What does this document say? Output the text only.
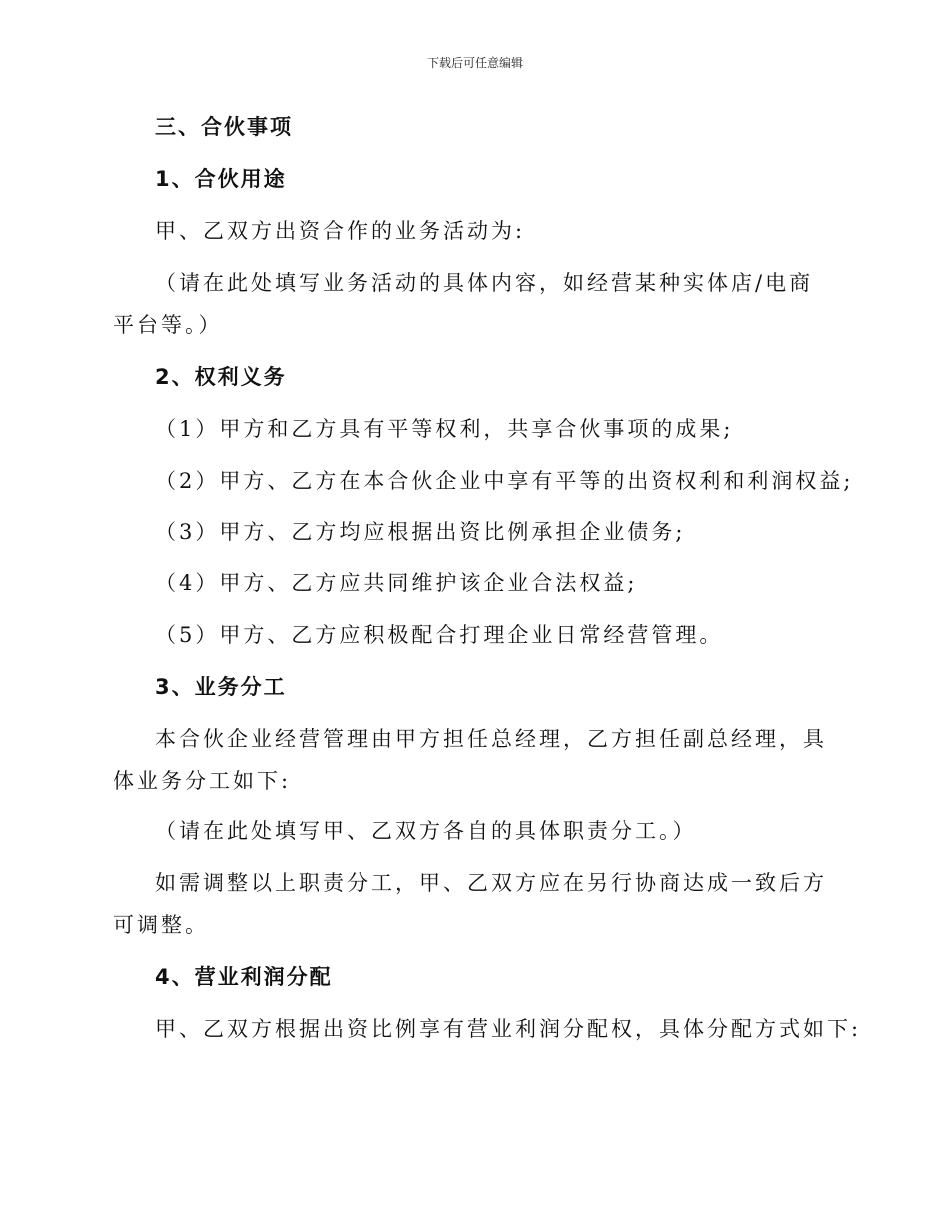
下载后可任意编辑
三、合伙事项
1、合伙用途
甲、乙双方出资合作的业务活动为:
（请在此处填写业务活动的具体内容，如经营某种实体店/电商平台等。）
2、权利义务
（1）甲方和乙方具有平等权利，共享合伙事项的成果;
（2）甲方、乙方在本合伙企业中享有平等的出资权利和利润权益;
（3）甲方、乙方均应根据出资比例承担企业债务;
（4）甲方、乙方应共同维护该企业合法权益;
（5）甲方、乙方应积极配合打理企业日常经营管理。
3、业务分工
本合伙企业经营管理由甲方担任总经理，乙方担任副总经理，具体业务分工如下:
（请在此处填写甲、乙双方各自的具体职责分工。）
如需调整以上职责分工，甲、乙双方应在另行协商达成一致后方可调整。
4、营业利润分配
甲、乙双方根据出资比例享有营业利润分配权，具体分配方式如下:
